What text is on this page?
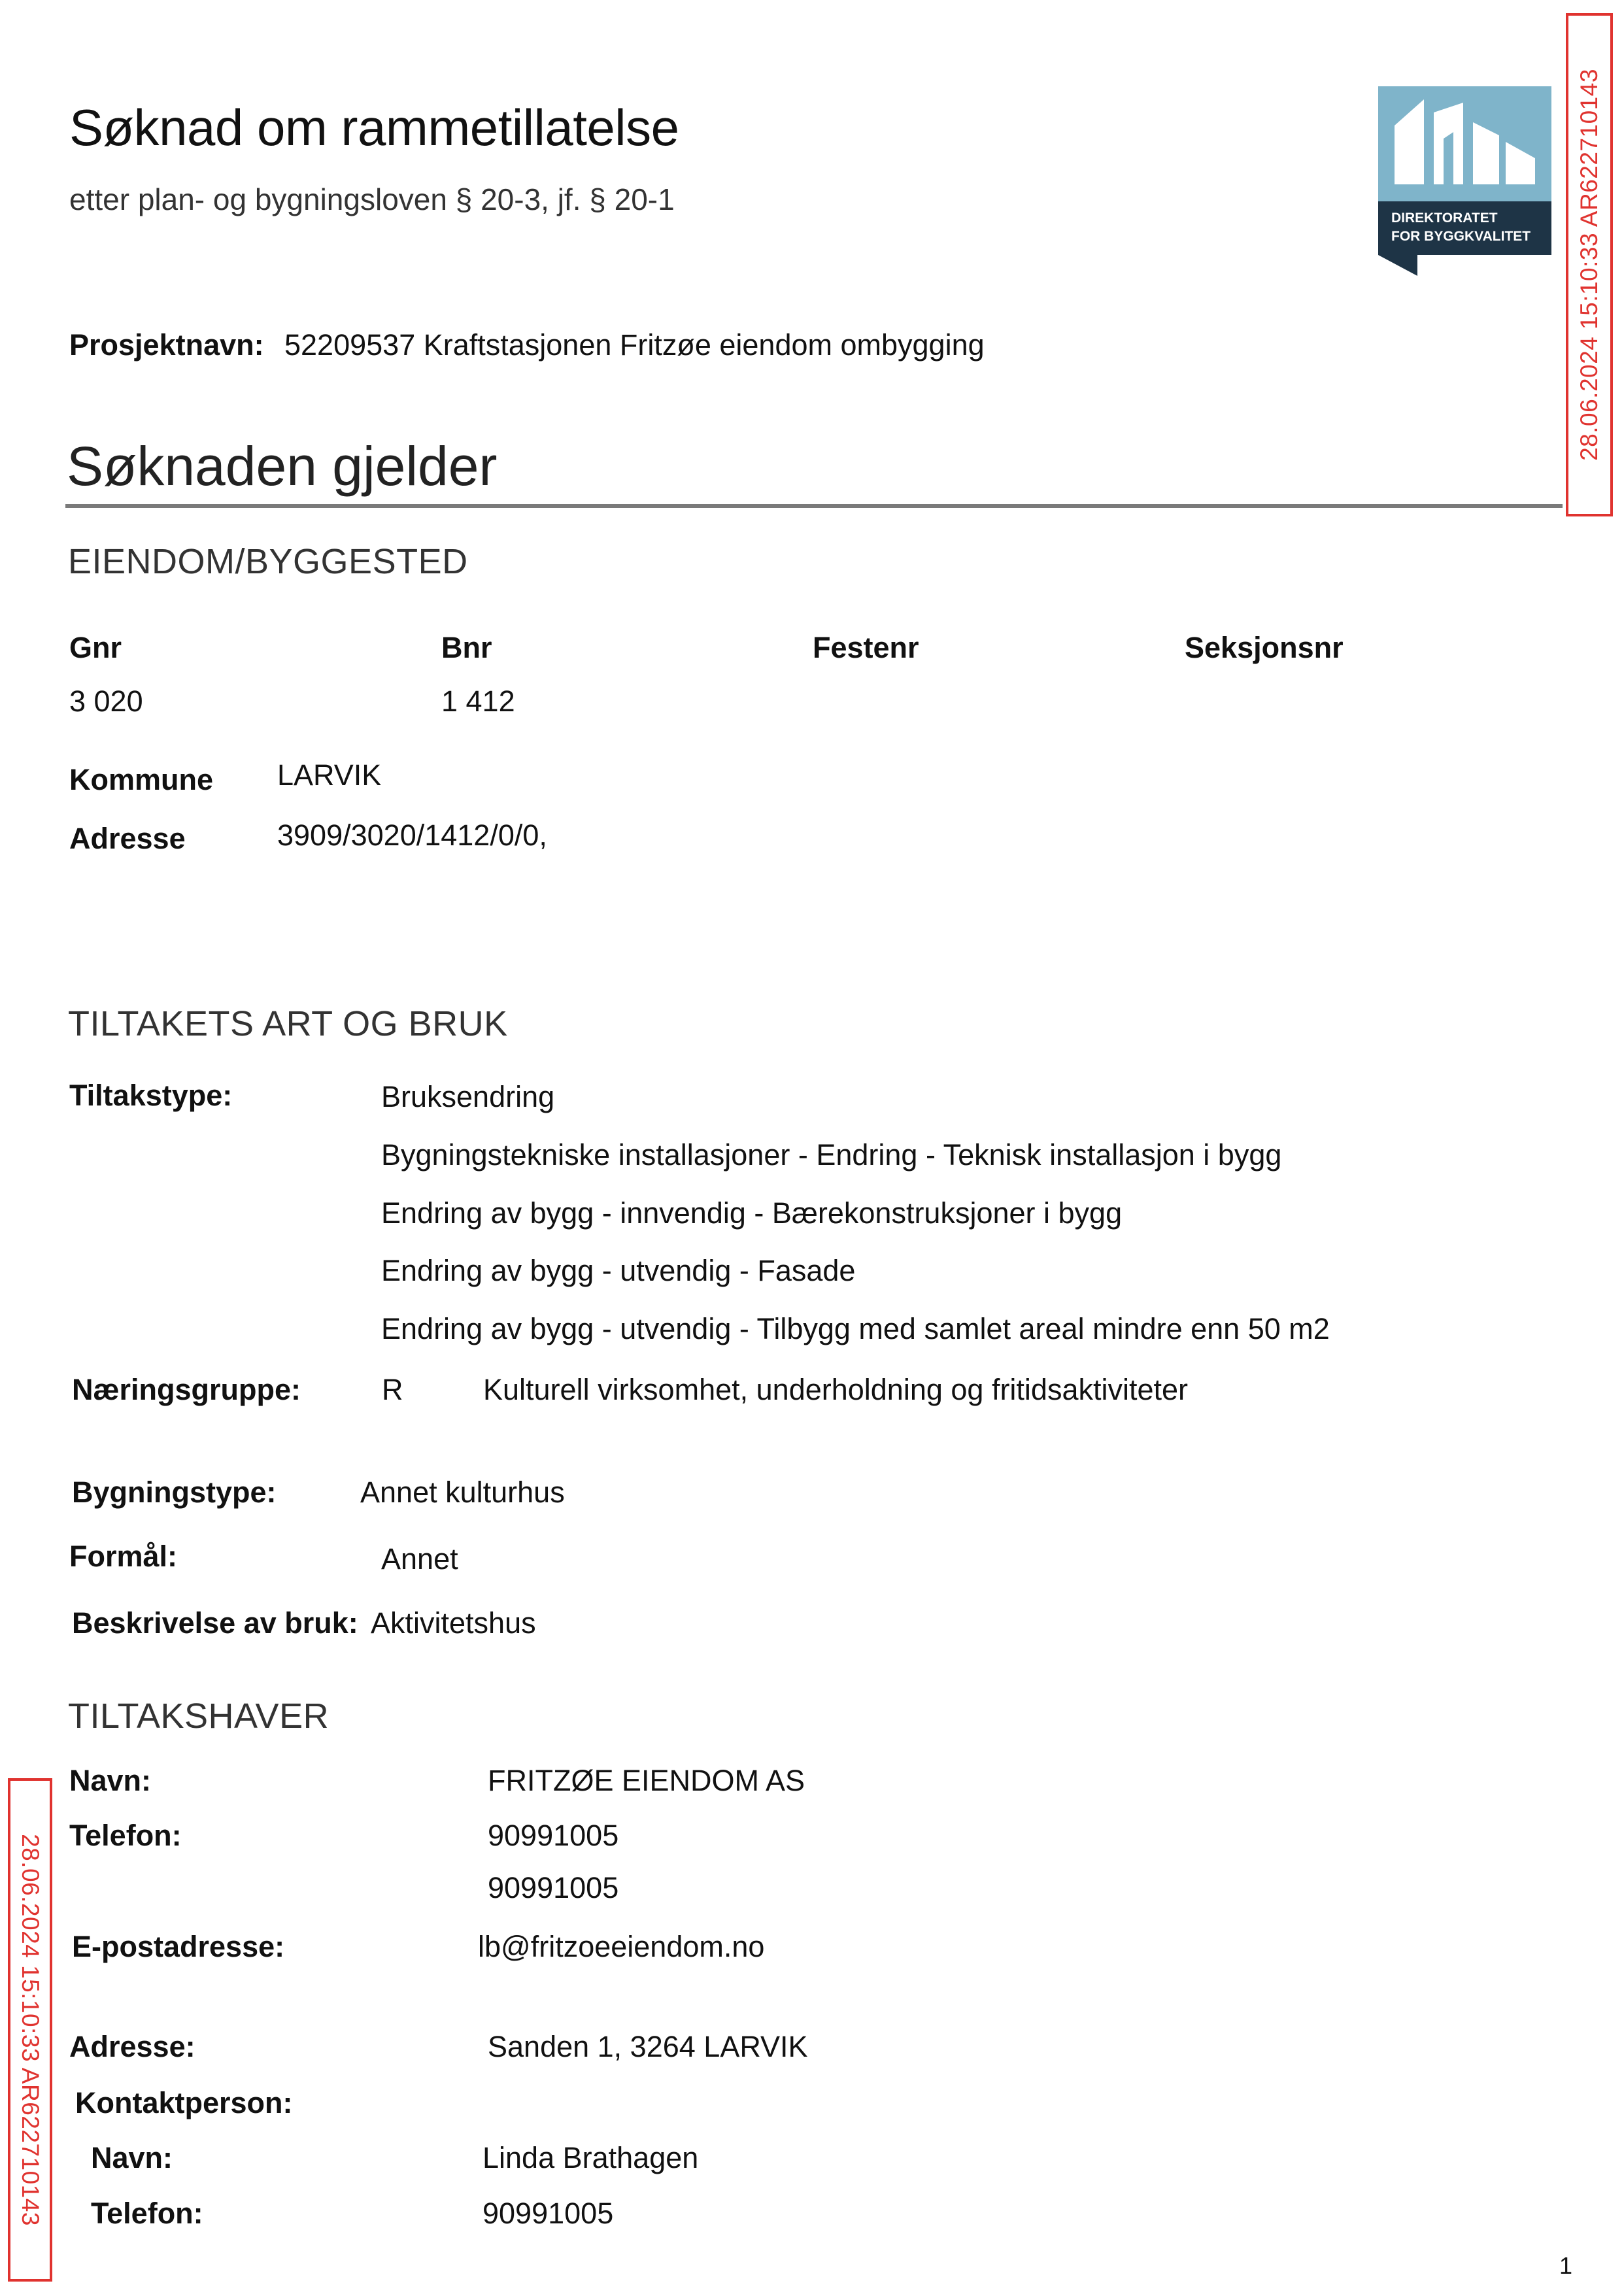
Søknad om rammetillatelse
etter plan- og bygningsloven § 20-3, jf. § 20-1
DIREKTORATET
FOR BYGGKVALITET 28.06.2024 15:10:33 AR622710143
28.06.2024 15:10:33 AR622710143
Prosjektnavn: 52209537 Kraftstasjonen Fritzøe eiendom ombygging
Søknaden gjelder
EIENDOM/BYGGESTED
Gnr	Bnr	Festenr	Seksjonsnr
3 020	1 412
Kommune LARVIK
Adresse	3909/3020/1412/0/0,
TILTAKETS ART OG BRUK
Tiltakstype:	Bruksendring
Bygningstekniske installasjoner - Endring - Teknisk installasjon i bygg
Endring av bygg - innvendig - Bærekonstruksjoner i bygg
Endring av bygg - utvendig - Fasade
Endring av bygg - utvendig - Tilbygg med samlet areal mindre enn 50 m2
Næringsgruppe:	R	Kulturell virksomhet, underholdning og fritidsaktiviteter
Bygningstype:	Annet kulturhus
Formål:	Annet
Beskrivelse av bruk: Aktivitetshus
TILTAKSHAVER
Navn:	FRITZØE EIENDOM AS
Telefon:	90991005
90991005
E-postadresse:	lb@fritzoeeiendom.no
Adresse:	Sanden 1, 3264 LARVIK
Kontaktperson:
Navn:	Linda Brathagen
Telefon:	90991005
1
